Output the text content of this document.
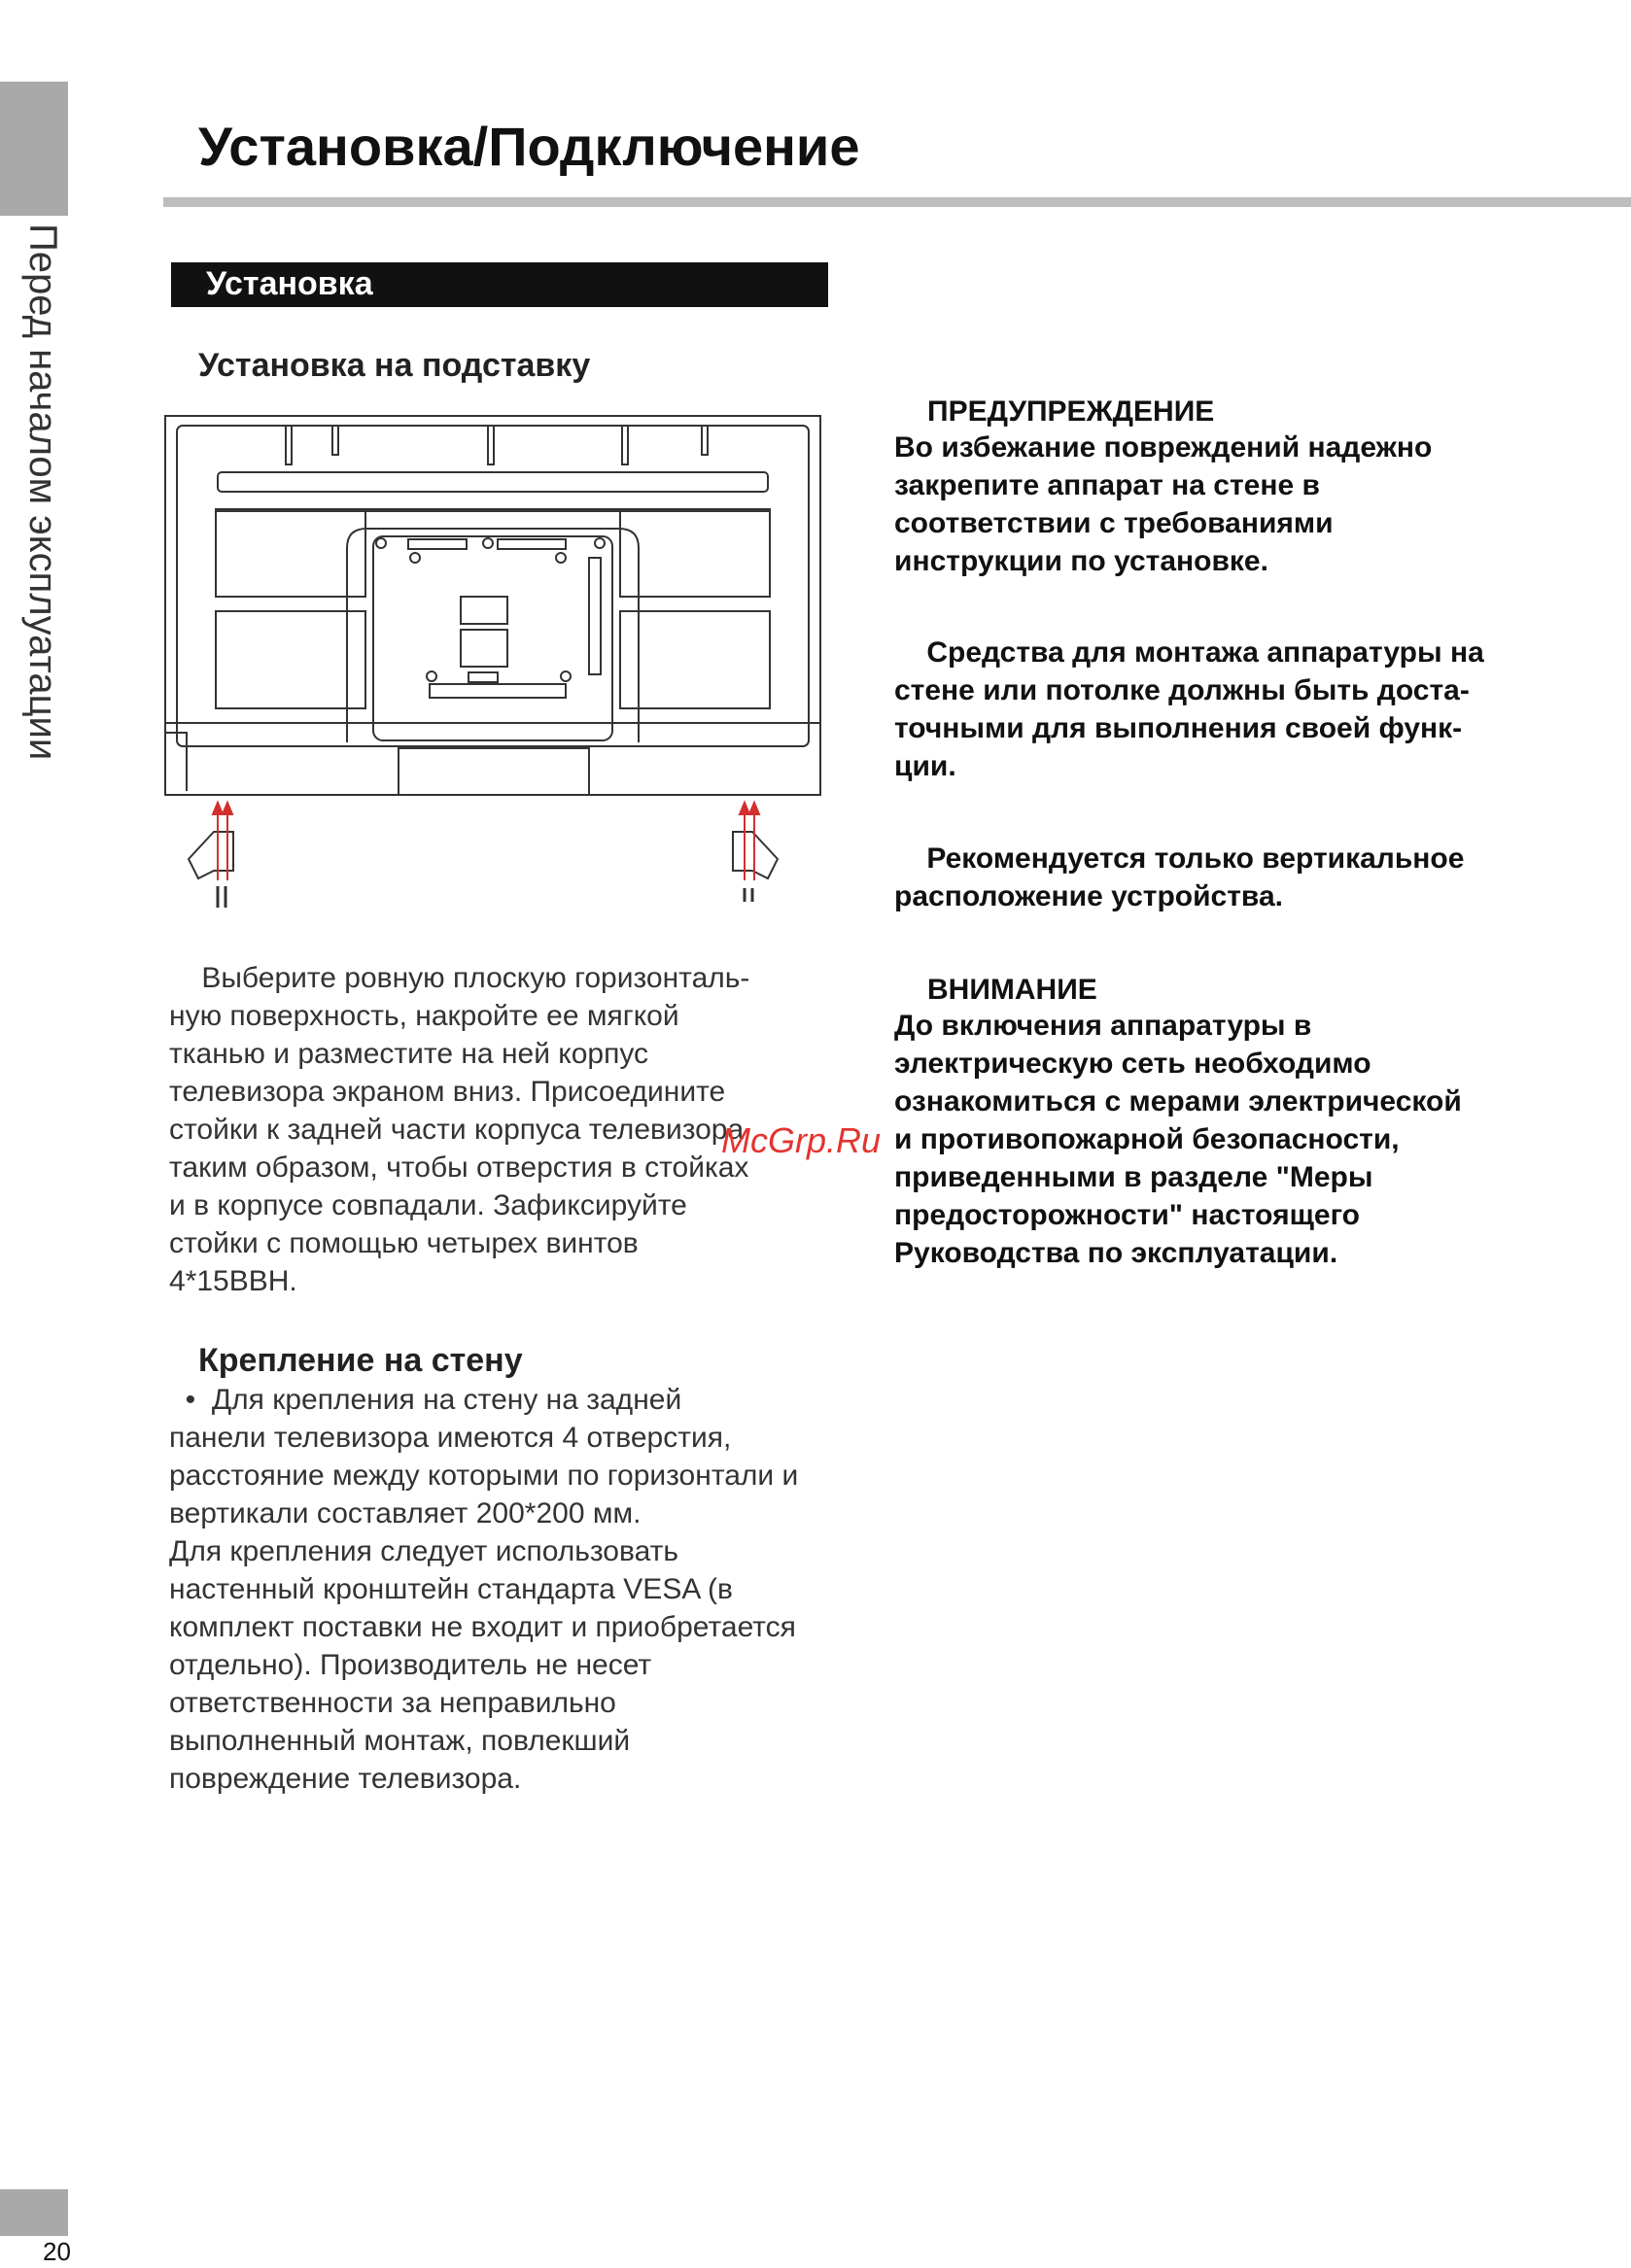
Перед началом эксплуатации
20
Установка/Подключение
Установка
Установка на подставку
Выберите ровную плоскую горизонталь-
ную поверхность, накройте ее мягкой
тканью и разместите на ней корпус
телевизора экраном вниз. Присоедините
стойки к задней части корпуса телевизора
таким образом, чтобы отверстия в стойках
и в корпусе совпадали. Зафиксируйте
стойки с помощью четырех винтов
4*15BBH.
Крепление на стену
•  Для крепления на стену на задней
панели телевизора имеются 4 отверстия,
расстояние между которыми по горизонтали и
вертикали составляет 200*200 мм.
Для крепления следует использовать
настенный кронштейн стандарта VESA (в
комплект поставки не входит и приобретается
отдельно). Производитель не несет
ответственности за неправильно
выполненный монтаж, повлекший
повреждение телевизора.
ПРЕДУПРЕЖДЕНИЕ
Во избежание повреждений надежно
закрепите аппарат на стене в
соответствии с требованиями
инструкции по установке.
Средства для монтажа аппаратуры на
стене или потолке должны быть доста-
точными для выполнения своей функ-
ции.
Рекомендуется только вертикальное
расположение устройства.
ВНИМАНИЕ
До включения аппаратуры в
электрическую сеть необходимо
ознакомиться с мерами электрической
и противопожарной безопасности,
приведенными в разделе "Меры
предосторожности" настоящего
Руководства по эксплуатации.
McGrp.Ru
